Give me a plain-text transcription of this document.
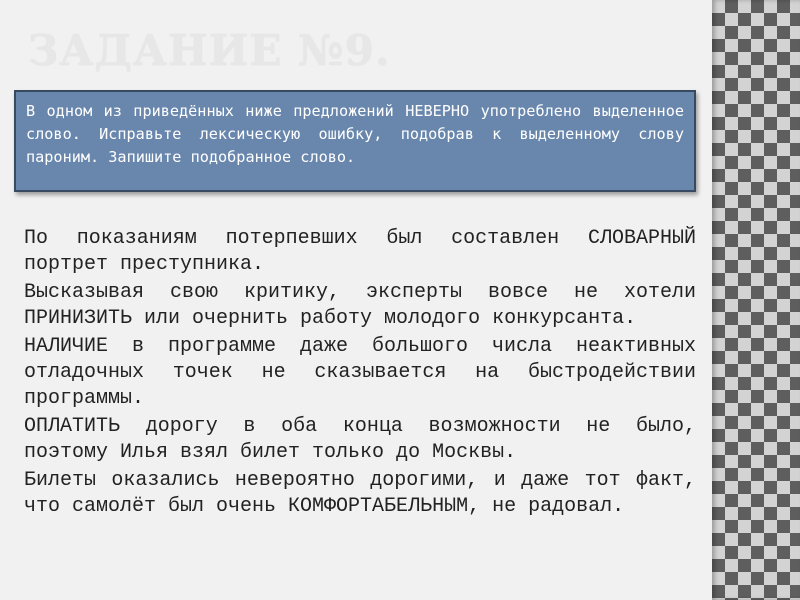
ЗАДАНИЕ №9.
В одном из приведённых ниже предложений НЕВЕРНО употреблено выделенное слово. Исправьте лексическую ошибку, подобрав к выделенному слову пароним. Запишите подобранное слово.

По показаниям потерпевших был составлен СЛОВАРНЫЙ портрет преступника.

Высказывая свою критику, эксперты вовсе не хотели ПРИНИЗИТЬ или очернить работу молодого конкурсанта.

НАЛИЧИЕ в программе даже большого числа неактивных отладочных точек не сказывается на быстродействии программы.

ОПЛАТИТЬ дорогу в оба конца возможности не было, поэтому Илья взял билет только до Москвы.

Билеты оказались невероятно дорогими, и даже тот факт, что самолёт был очень КОМФОРТАБЕЛЬНЫМ, не радовал.
